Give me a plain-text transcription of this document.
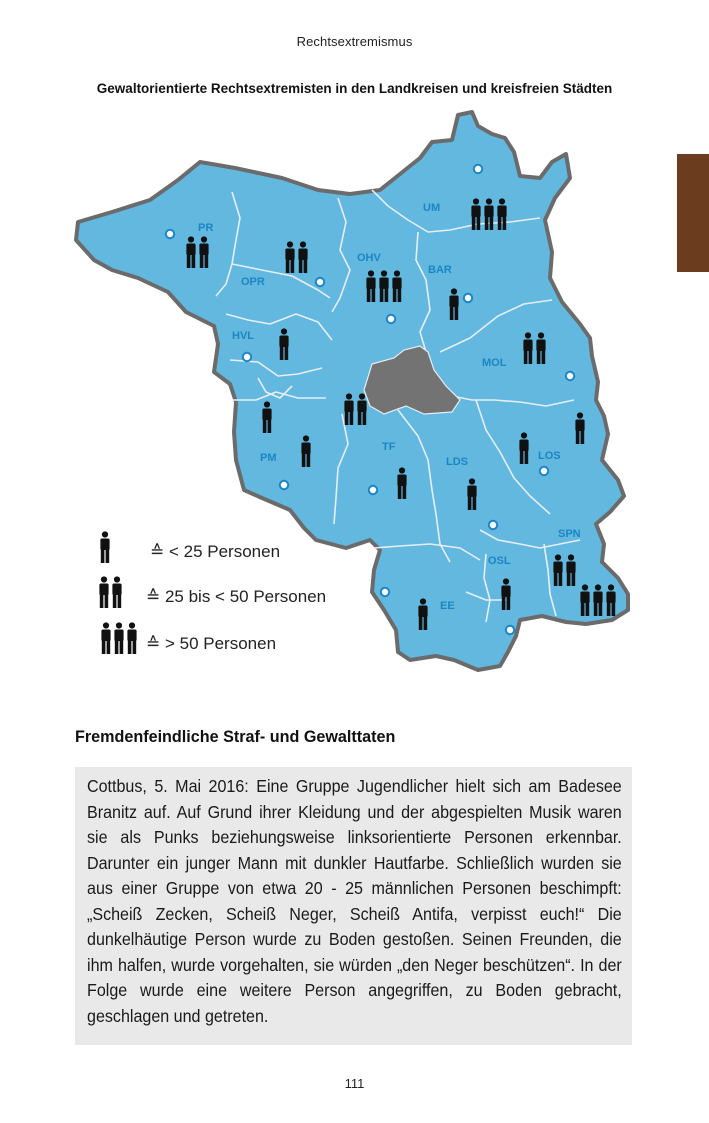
Rechtsextremismus
Gewaltorientierte Rechtsextremisten in den Landkreisen und kreisfreien Städten
PR
OPR
OHV
UM
BAR
HVL
MOL
PM
TF
LDS	LOS
SPN
OSL
EE
≙ < 25 Personen
≙ 25 bis < 50 Personen
≙ > 50 Personen
Fremdenfeindliche Straf- und Gewalttaten

Cottbus, 5. Mai 2016: Eine Gruppe Jugendlicher hielt sich am Badesee Branitz auf. Auf Grund ihrer Kleidung und der abgespielten Musik waren sie als Punks beziehungsweise linksorientierte Personen erkennbar. Darunter ein junger Mann mit dunkler Hautfarbe. Schließlich wurden sie aus einer Gruppe von etwa 20 - 25 männlichen Personen beschimpft: „Scheiß Zecken, Scheiß Neger, Scheiß Antifa, verpisst euch!“ Die dunkelhäutige Person wurde zu Boden gestoßen. Seinen Freunden, die ihm halfen, wurde vorgehalten, sie würden „den Neger beschützen“. In der Folge wurde eine weitere Person angegriffen, zu Boden gebracht, geschlagen und getreten.

111
